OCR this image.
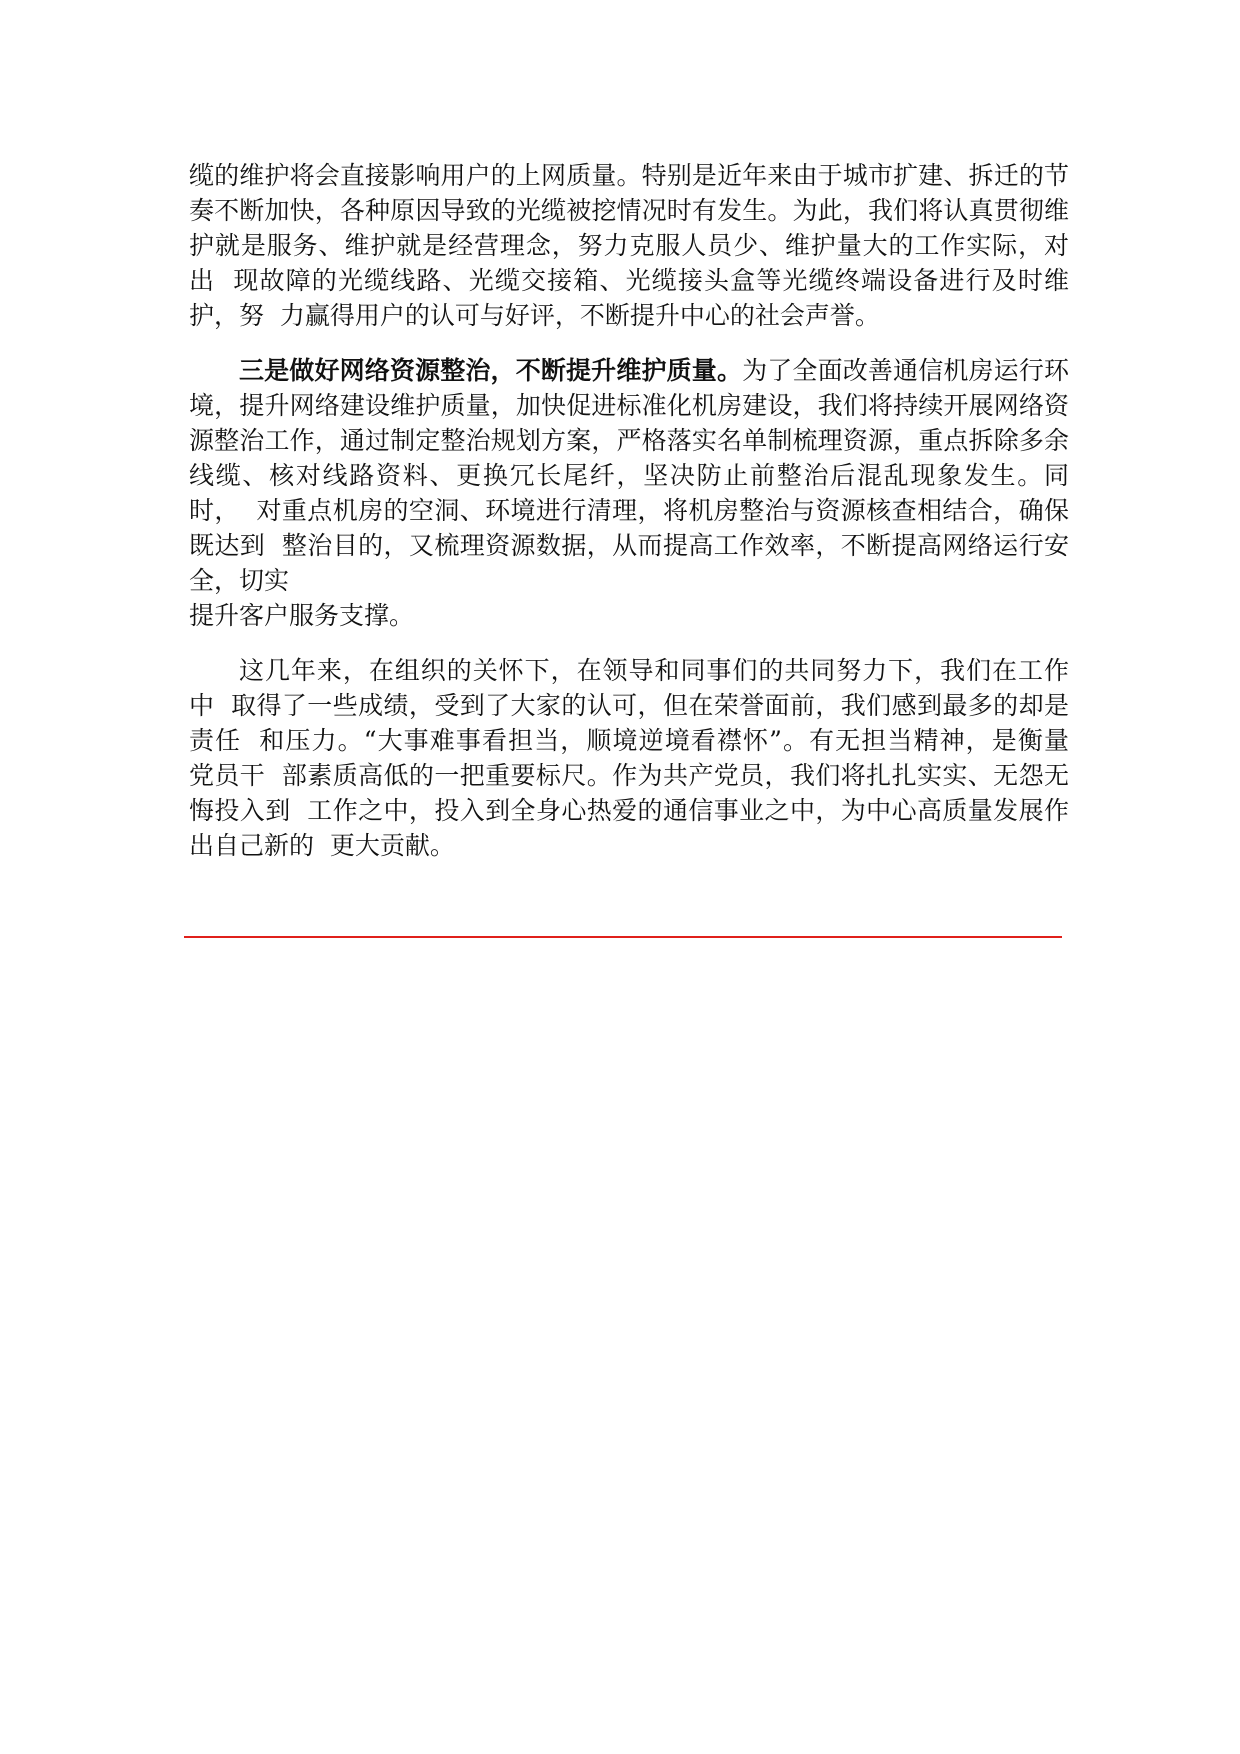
缆的维护将会直接影响用户的上网质量。特别是近年来由于城市扩建、拆迁的节
奏不断加快，各种原因导致的光缆被挖情况时有发生。为此，我们将认真贯彻维
护就是服务、维护就是经营理念，努力克服人员少、维护量大的工作实际，对
出  现故障的光缆线路、光缆交接箱、光缆接头盒等光缆终端设备进行及时维
护，努  力赢得用户的认可与好评，不断提升中心的社会声誉。
三是做好网络资源整治，不断提升维护质量。为了全面改善通信机房运行环
境，提升网络建设维护质量，加快促进标准化机房建设，我们将持续开展网络资
源整治工作，通过制定整治规划方案，严格落实名单制梳理资源，重点拆除多余
线缆、核对线路资料、更换冗长尾纤，坚决防止前整治后混乱现象发生。同
时，  对重点机房的空洞、环境进行清理，将机房整治与资源核查相结合，确保
既达到  整治目的，又梳理资源数据，从而提高工作效率，不断提高网络运行安
全，切实
提升客户服务支撑。
这几年来，在组织的关怀下，在领导和同事们的共同努力下，我们在工作
中  取得了一些成绩，受到了大家的认可，但在荣誉面前，我们感到最多的却是
责任  和压力。“大事难事看担当，顺境逆境看襟怀”。有无担当精神，是衡量
党员干  部素质高低的一把重要标尺。作为共产党员，我们将扎扎实实、无怨无
悔投入到  工作之中，投入到全身心热爱的通信事业之中，为中心高质量发展作
出自己新的  更大贡献。
